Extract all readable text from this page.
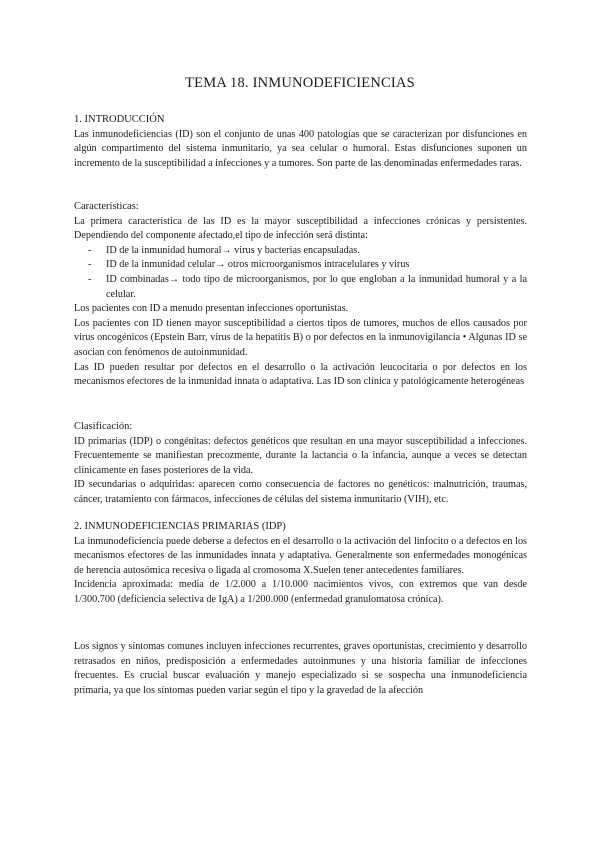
TEMA 18. INMUNODEFICIENCIAS
1. INTRODUCCIÓN

Las inmunodeficiencias (ID) son el conjunto de unas 400 patologías que se caracterizan por disfunciones en algún compartimento del sistema inmunitario, ya sea celular o humoral. Estas disfunciones suponen un incremento de la susceptibilidad a infecciones y a tumores. Son parte de las denominadas enfermedades raras.

Características:

La primera característica de las ID es la mayor susceptibilidad a infecciones crónicas y persistentes. Dependiendo del componente afectado,el tipo de infección será distinta:

- ID de la inmunidad humoral→ virus y bacterias encapsuladas.
- ID de la inmunidad celular→ otros microorganismos intracelulares y virus
- ID combinadas→ todo tipo de microorganismos, por lo que engloban a la inmunidad humoral y a la celular.

Los pacientes con ID a menudo presentan infecciones oportunistas.

Los pacientes con ID tienen mayor susceptibilidad a ciertos tipos de tumores, muchos de ellos causados por virus oncogénicos (Epstein Barr, virus de la hepatitis B) o por defectos en la inmunovigilancia • Algunas ID se asocian con fenómenos de autoinmunidad.

Las ID pueden resultar por defectos en el desarrollo o la activación leucocitaria o por defectos en los mecanismos efectores de la inmunidad innata o adaptativa. Las ID son clínica y patológicamente heterogéneas

Clasificación:

ID primarias (IDP) o congénitas: defectos genéticos que resultan en una mayor susceptibilidad a infecciones. Frecuentemente se manifiestan precozmente, durante la lactancia o la infancia, aunque a veces se detectan clínicamente en fases posteriores de la vida.

ID secundarias o adquiridas: aparecen como consecuencia de factores no genéticos: malnutrición, traumas, cáncer, tratamiento con fármacos, infecciones de células del sistema inmunitario (VIH), etc.

2. INMUNODEFICIENCIAS PRIMARIAS (IDP)

La inmunodeficiencia puede deberse a defectos en el desarrollo o la activación del linfocito o a defectos en los mecanismos efectores de las inmunidades innata y adaptativa. Generalmente son enfermedades monogénicas de herencia autosómica recesiva o ligada al cromosoma X.Suelen tener antecedentes familiares.

Incidencia aproximada: media de 1/2.000 a 1/10.000 nacimientos vivos, con extremos que van desde 1/300.700 (deficiencia selectiva de IgA) a 1/200.000 (enfermedad granulomatosa crónica).

Los signos y síntomas comunes incluyen infecciones recurrentes, graves oportunistas, crecimiento y desarrollo retrasados en niños, predisposición a enfermedades autoinmunes y una historia familiar de infecciones frecuentes. Es crucial buscar evaluación y manejo especializado si se sospecha una inmunodeficiencia primaria, ya que los síntomas pueden variar según el tipo y la gravedad de la afección
